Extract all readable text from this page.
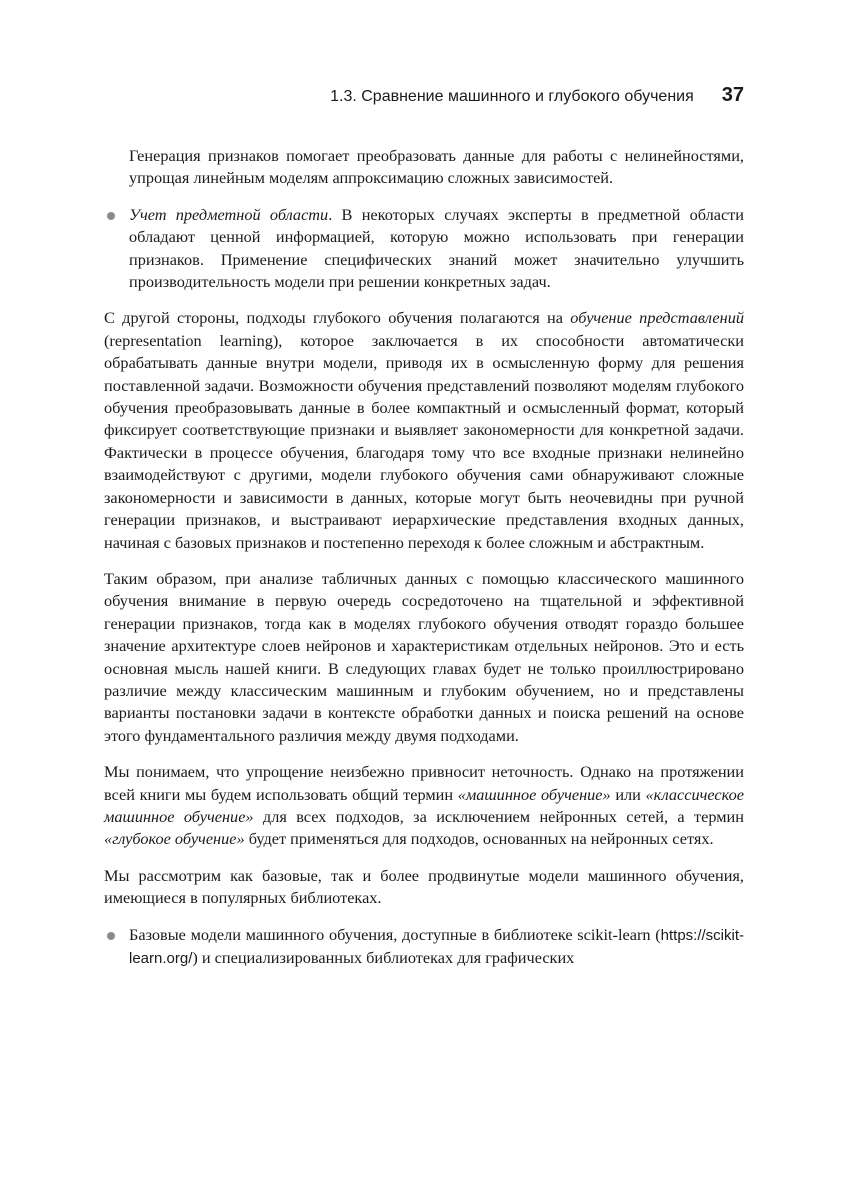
1.3. Сравнение машинного и глубокого обучения 37

Генерация признаков помогает преобразовать данные для работы с нелинейностями, упрощая линейным моделям аппроксимацию сложных зависимостей.

Учет предметной области. В некоторых случаях эксперты в предметной области обладают ценной информацией, которую можно использовать при генерации признаков. Применение специфических знаний может значительно улучшить производительность модели при решении конкретных задач.

С другой стороны, подходы глубокого обучения полагаются на обучение представлений (representation learning), которое заключается в их способности автоматически обрабатывать данные внутри модели, приводя их в осмысленную форму для решения поставленной задачи. Возможности обучения представлений позволяют моделям глубокого обучения преобразовывать данные в более компактный и осмысленный формат, который фиксирует соответствующие признаки и выявляет закономерности для конкретной задачи. Фактически в процессе обучения, благодаря тому что все входные признаки нелинейно взаимодействуют с другими, модели глубокого обучения сами обнаруживают сложные закономерности и зависимости в данных, которые могут быть неочевидны при ручной генерации признаков, и выстраивают иерархические представления входных данных, начиная с базовых признаков и постепенно переходя к более сложным и абстрактным.

Таким образом, при анализе табличных данных с помощью классического машинного обучения внимание в первую очередь сосредоточено на тщательной и эффективной генерации признаков, тогда как в моделях глубокого обучения отводят гораздо большее значение архитектуре слоев нейронов и характеристикам отдельных нейронов. Это и есть основная мысль нашей книги. В следующих главах будет не только проиллюстрировано различие между классическим машинным и глубоким обучением, но и представлены варианты постановки задачи в контексте обработки данных и поиска решений на основе этого фундаментального различия между двумя подходами.

Мы понимаем, что упрощение неизбежно привносит неточность. Однако на протяжении всей книги мы будем использовать общий термин «машинное обучение» или «классическое машинное обучение» для всех подходов, за исключением нейронных сетей, а термин «глубокое обучение» будет применяться для подходов, основанных на нейронных сетях.

Мы рассмотрим как базовые, так и более продвинутые модели машинного обучения, имеющиеся в популярных библиотеках.

Базовые модели машинного обучения, доступные в библиотеке scikit-learn (https://scikit-learn.org/) и специализированных библиотеках для графических
